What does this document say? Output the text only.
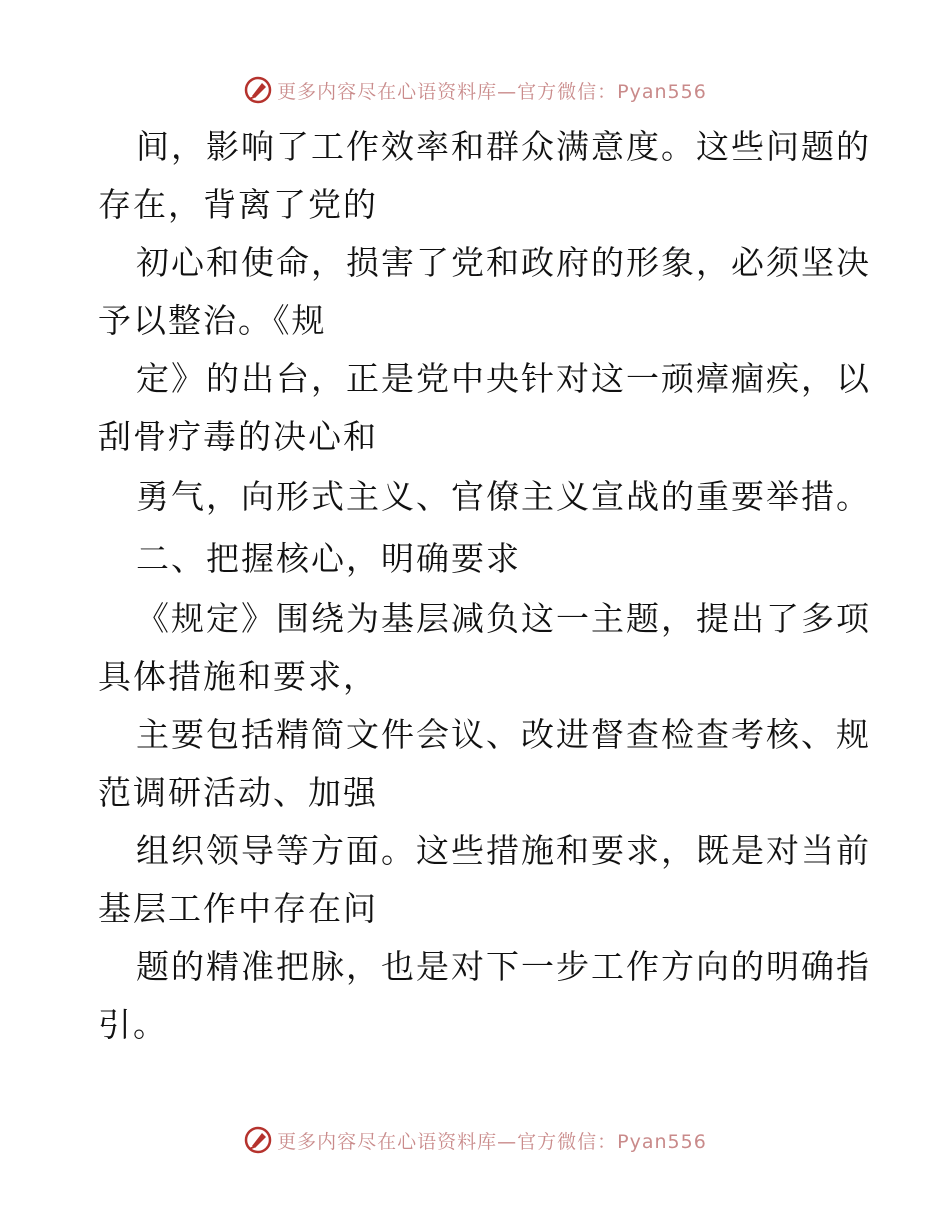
更多内容尽在心语资料库—官方微信：Pyan556
间，影响了工作效率和群众满意度。这些问题的
存在，背离了党的
初心和使命，损害了党和政府的形象，必须坚决
予以整治。《规
定》的出台，正是党中央针对这一顽瘴痼疾，以
刮骨疗毒的决心和
勇气，向形式主义、官僚主义宣战的重要举措。
二、把握核心，明确要求
《规定》围绕为基层减负这一主题，提出了多项
具体措施和要求，
主要包括精简文件会议、改进督查检查考核、规
范调研活动、加强
组织领导等方面。这些措施和要求，既是对当前
基层工作中存在问
题的精准把脉，也是对下一步工作方向的明确指
引。
更多内容尽在心语资料库—官方微信：Pyan556
